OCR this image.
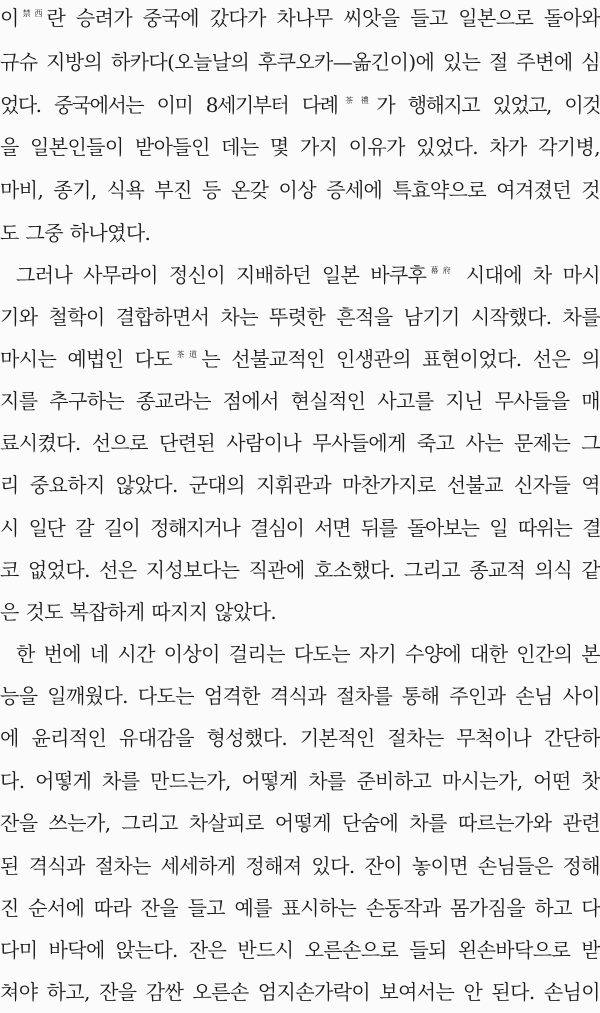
이$^{禁西}$란 승려가 중국에 갔다가 차나무 씨앗을 들고 일본으로 돌아와
규슈 지방의 하카다(오늘날의 후쿠오카—옮긴이)에 있는 절 주변에 심
었다. 중국에서는 이미 8세기부터 다례$^{茶禮}$가 행해지고 있었고, 이것
을 일본인들이 받아들인 데는 몇 가지 이유가 있었다. 차가 각기병,
마비, 종기, 식욕 부진 등 온갖 이상 증세에 특효약으로 여겨졌던 것
도 그중 하나였다.
그러나 사무라이 정신이 지배하던 일본 바쿠후$^{幕府}$ 시대에 차 마시
기와 철학이 결합하면서 차는 뚜렷한 흔적을 남기기 시작했다. 차를
마시는 예법인 다도$^{茶道}$는 선불교적인 인생관의 표현이었다. 선은 의
지를 추구하는 종교라는 점에서 현실적인 사고를 지닌 무사들을 매
료시켰다. 선으로 단련된 사람이나 무사들에게 죽고 사는 문제는 그
리 중요하지 않았다. 군대의 지휘관과 마찬가지로 선불교 신자들 역
시 일단 갈 길이 정해지거나 결심이 서면 뒤를 돌아보는 일 따위는 결
코 없었다. 선은 지성보다는 직관에 호소했다. 그리고 종교적 의식 같
은 것도 복잡하게 따지지 않았다.
한 번에 네 시간 이상이 걸리는 다도는 자기 수양에 대한 인간의 본
능을 일깨웠다. 다도는 엄격한 격식과 절차를 통해 주인과 손님 사이
에 윤리적인 유대감을 형성했다. 기본적인 절차는 무척이나 간단하
다. 어떻게 차를 만드는가, 어떻게 차를 준비하고 마시는가, 어떤 찻
잔을 쓰는가, 그리고 차살피로 어떻게 단숨에 차를 따르는가와 관련
된 격식과 절차는 세세하게 정해져 있다. 잔이 놓이면 손님들은 정해
진 순서에 따라 잔을 들고 예를 표시하는 손동작과 몸가짐을 하고 다
다미 바닥에 앉는다. 잔은 반드시 오른손으로 들되 왼손바닥으로 받
쳐야 하고, 잔을 감싼 오른손 엄지손가락이 보여서는 안 된다. 손님이
